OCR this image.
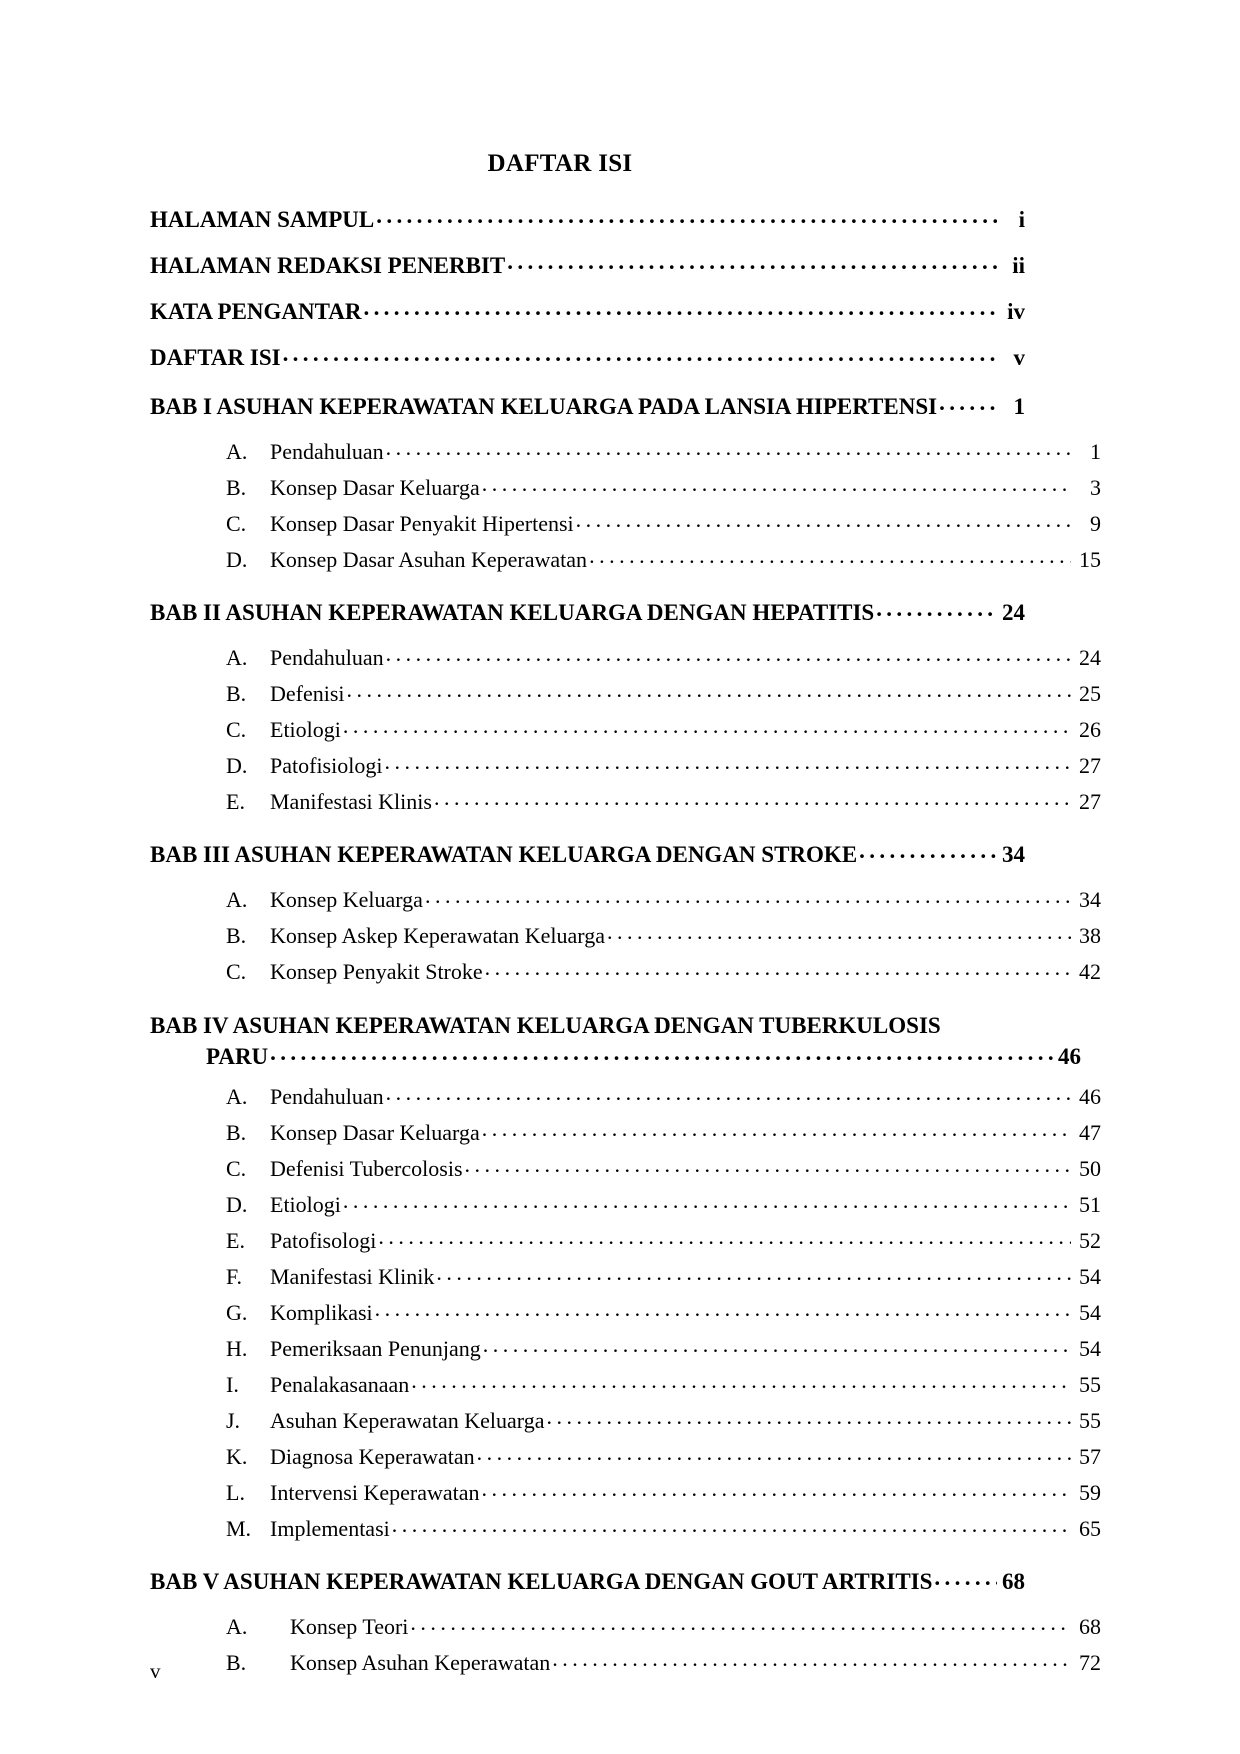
DAFTAR ISI
HALAMAN SAMPUL . . .	i
HALAMAN REDAKSI PENERBIT . . .	ii
KATA PENGANTAR . . .	iv
DAFTAR ISI . . .	v
BAB I ASUHAN KEPERAWATAN KELUARGA PADA LANSIA HIPERTENSI . . .	1
A.	Pendahuluan . . .	1
B.	Konsep Dasar Keluarga . . .	3
C.	Konsep Dasar Penyakit Hipertensi . . .	9
D.	Konsep Dasar Asuhan Keperawatan . . .	15
BAB II ASUHAN KEPERAWATAN KELUARGA DENGAN HEPATITIS . . .	24
A.	Pendahuluan . . .	24
B.	Defenisi . . .	25
C.	Etiologi . . .	26
D.	Patofisiologi . . .	27
E.	Manifestasi Klinis . . .	27
BAB III ASUHAN KEPERAWATAN KELUARGA DENGAN STROKE . . .	34
A.	Konsep Keluarga . . .	34
B.	Konsep Askep Keperawatan Keluarga . . .	38
C.	Konsep Penyakit Stroke . . .	42
BAB IV ASUHAN KEPERAWATAN KELUARGA DENGAN TUBERKULOSIS
PARU . . .	46
A.	Pendahuluan . . .	46
B.	Konsep Dasar Keluarga . . .	47
C.	Defenisi Tubercolosis . . .	50
D.	Etiologi . . .	51
E.	Patofisologi . . .	52
F.	Manifestasi Klinik . . .	54
G.	Komplikasi . . .	54
H.	Pemeriksaan Penunjang . . .	54
I.	Penalakasanaan . . .	55
J.	Asuhan Keperawatan Keluarga . . .	55
K.	Diagnosa Keperawatan . . .	57
L.	Intervensi Keperawatan . . .	59
M. Implementasi . . .	65
BAB V ASUHAN KEPERAWATAN KELUARGA DENGAN GOUT ARTRITIS . . .	68
A.	Konsep Teori . . .	68
B.	Konsep Asuhan Keperawatan . . .	72
v
